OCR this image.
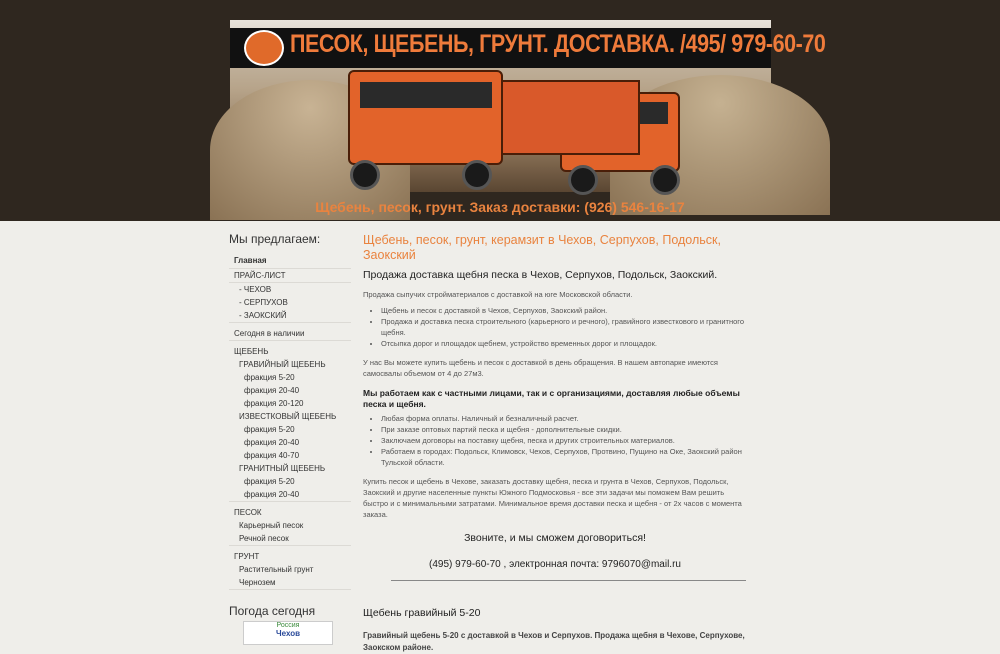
ПЕСОК, ЩЕБЕНЬ, ГРУНТ. ДОСТАВКА. /495/ 979-60-70
Щебень, песок, грунт. Заказ доставки: (926) 546-16-17
Мы предлагаем:
Главная
ПРАЙС-ЛИСТ
- ЧЕХОВ
- СЕРПУХОВ
- ЗАОКСКИЙ
Сегодня в наличии
ЩЕБЕНЬ
ГРАВИЙНЫЙ ЩЕБЕНЬ
фракция 5-20
фракция 20-40
фракция 20-120
ИЗВЕСТКОВЫЙ ЩЕБЕНЬ
фракция 5-20
фракция 20-40
фракция 40-70
ГРАНИТНЫЙ ЩЕБЕНЬ
фракция 5-20
фракция 20-40
ПЕСОК
Карьерный песок
Речной песок
ГРУНТ
Растительный грунт
Чернозем
Погода сегодня
Россия
Чехов
Щебень, песок, грунт, керамзит в Чехов, Серпухов, Подольск, Заокский
Продажа доставка щебня песка в Чехов, Серпухов, Подольск, Заокский.

Продажа сыпучих стройматериалов с доставкой на юге Московской области.

• Щебень и песок с доставкой в Чехов, Серпухов, Заокский район.
• Продажа и доставка песка строительного (карьерного и речного), гравийного известкового и гранитного щебня.
• Отсыпка дорог и площадок щебнем, устройство временных дорог и площадок.

У нас Вы можете купить щебень и песок с доставкой в день обращения. В нашем автопарке имеются самосвалы объемом от 4 до 27м3.

Мы работаем как с частными лицами, так и с организациями, доставляя любые объемы песка и щебня.

• Любая форма оплаты. Наличный и безналичный расчет.
• При заказе оптовых партий песка и щебня - дополнительные скидки.
• Заключаем договоры на поставку щебня, песка и других строительных материалов.
• Работаем в городах: Подольск, Климовск, Чехов, Серпухов, Протвино, Пущино на Оке, Заокский район Тульской области.

Купить песок и щебень в Чехове, заказать доставку щебня, песка и грунта в Чехов, Серпухов, Подольск, Заокский и другие населенные пункты Южного Подмосковья - все эти задачи мы поможем Вам решить быстро и с минимальными затратами. Минимальное время доставки песка и щебня - от 2х часов с момента заказа.

Звоните, и мы сможем договориться!
(495) 979-60-70 , электронная почта: 9796070@mail.ru
Щебень гравийный 5-20
Гравийный щебень 5-20 с доставкой в Чехов и Серпухов. Продажа щебня в Чехове, Серпухове, Заокском районе.
